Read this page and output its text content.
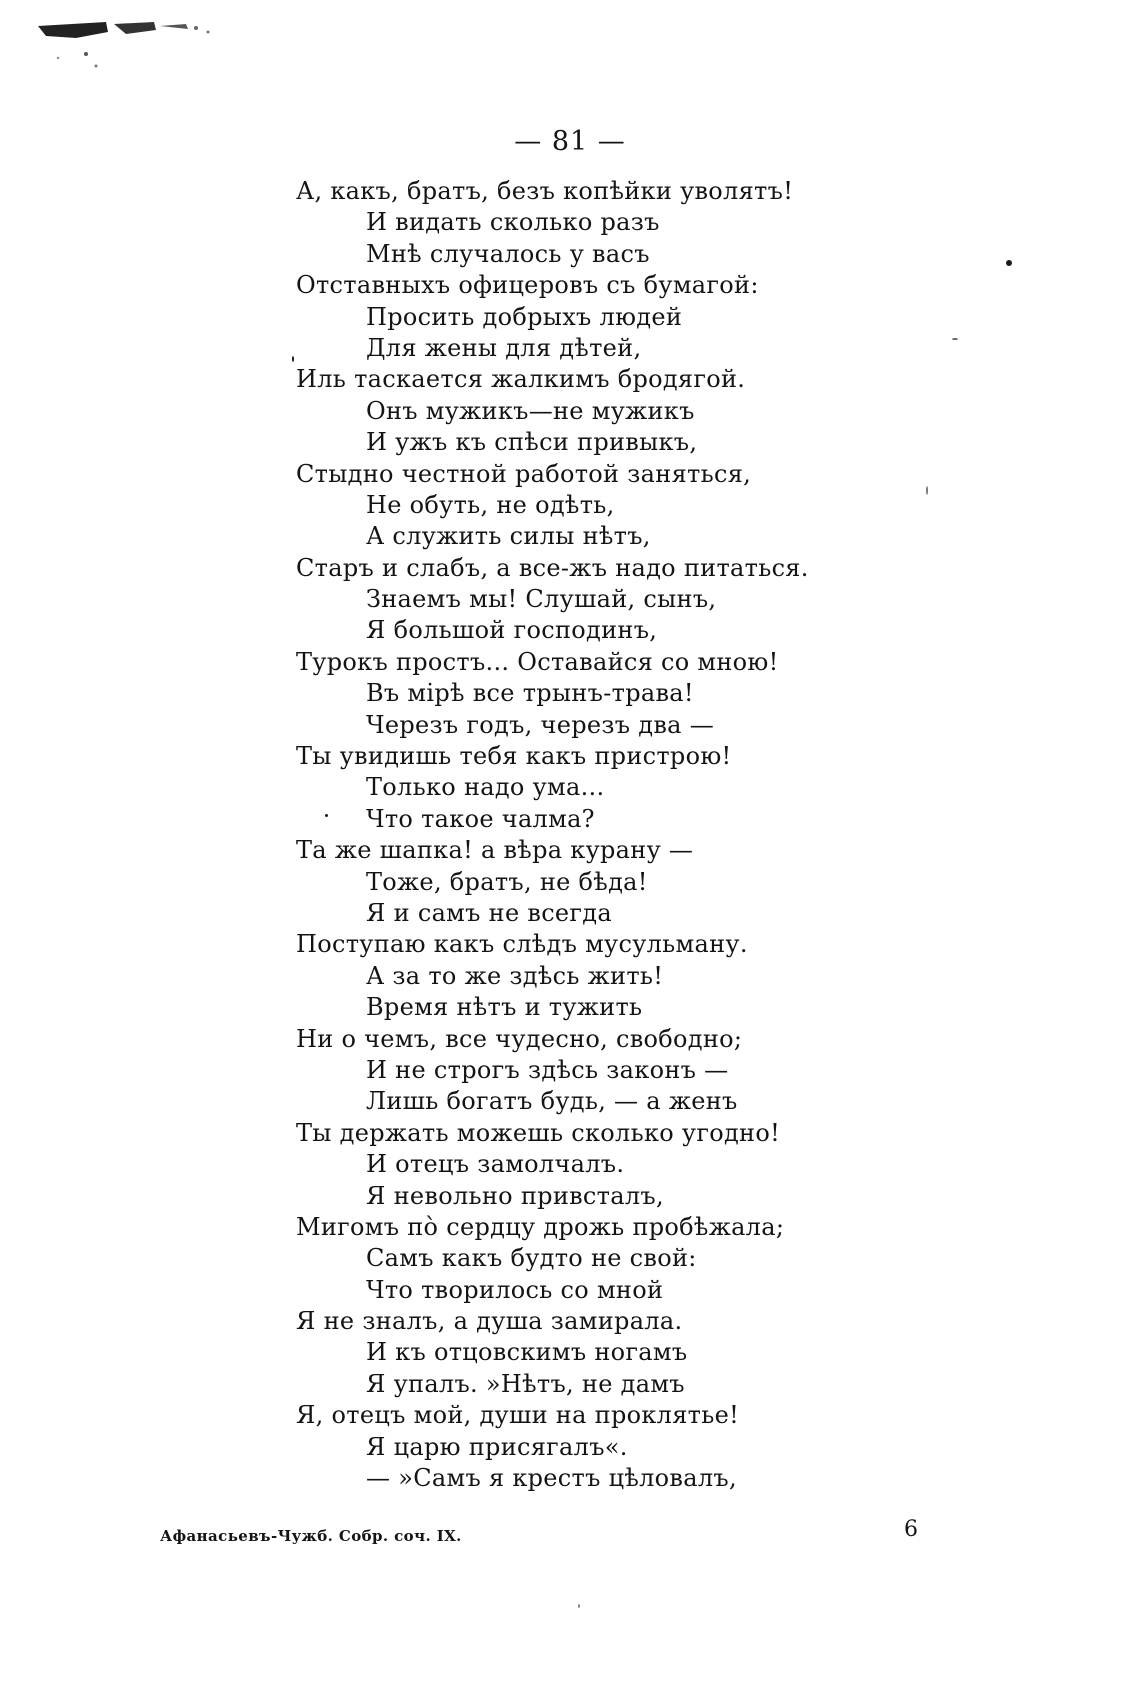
— 81 —
А, какъ, братъ, безъ копѣйки уволятъ!
И видать сколько разъ
Мнѣ случалось у васъ
Отставныхъ офицеровъ съ бумагой:
Просить добрыхъ людей
Для жены для дѣтей,
Иль таскается жалкимъ бродягой.
Онъ мужикъ—не мужикъ
И ужъ къ спѣси привыкъ,
Стыдно честной работой заняться,
Не обуть, не одѣть,
А служить силы нѣтъ,
Старъ и слабъ, а все-жъ надо питаться.
Знаемъ мы! Слушай, сынъ,
Я большой господинъ,
Турокъ простъ... Оставайся со мною!
Въ мірѣ все трынъ-трава!
Черезъ годъ, черезъ два —
Ты увидишь тебя какъ пристрою!
Только надо ума...
Что такое чалма?
Та же шапка! а вѣра курану —
Тоже, братъ, не бѣда!
Я и самъ не всегда
Поступаю какъ слѣдъ мусульману.
А за то же здѣсь жить!
Время нѣтъ и тужить
Ни о чемъ, все чудесно, свободно;
И не строгъ здѣсь законъ —
Лишь богатъ будь, — а женъ
Ты держать можешь сколько угодно!
И отецъ замолчалъ.
Я невольно привсталъ,
Мигомъ по̀ сердцу дрожь пробѣжала;
Самъ какъ будто не свой:
Что творилось со мной
Я не зналъ, а душа замирала.
И къ отцовскимъ ногамъ
Я упалъ. »Нѣтъ, не дамъ
Я, отецъ мой, души на проклятье!
Я царю присягалъ«.
— »Самъ я крестъ цѣловалъ,
Афанасьевъ-Чужб. Собр. соч. IX.	6
